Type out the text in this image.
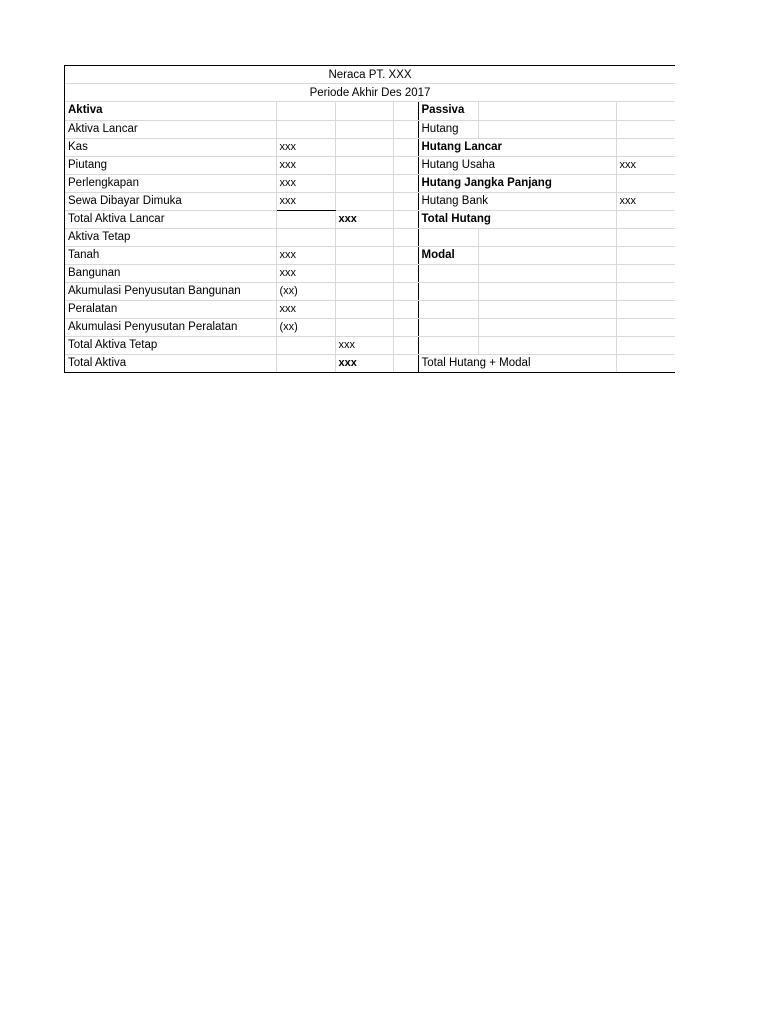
Neraca PT. XXX
Periode Akhir Des 2017
Aktiva				Passiva		
Aktiva Lancar				Hutang		
Kas	xxx			Hutang Lancar		
Piutang	xxx			Hutang Usaha		xxx
Perlengkapan	xxx			Hutang Jangka Panjang		
Sewa Dibayar Dimuka	xxx			Hutang Bank		xxx
Total Aktiva Lancar		xxx		Total Hutang		
Aktiva Tetap						
Tanah	xxx			Modal		
Bangunan	xxx					
Akumulasi Penyusutan Bangunan	(xx)					
Peralatan	xxx					
Akumulasi Penyusutan Peralatan	(xx)					
Total Aktiva Tetap		xxx				
Total Aktiva		xxx		Total Hutang + Modal		
